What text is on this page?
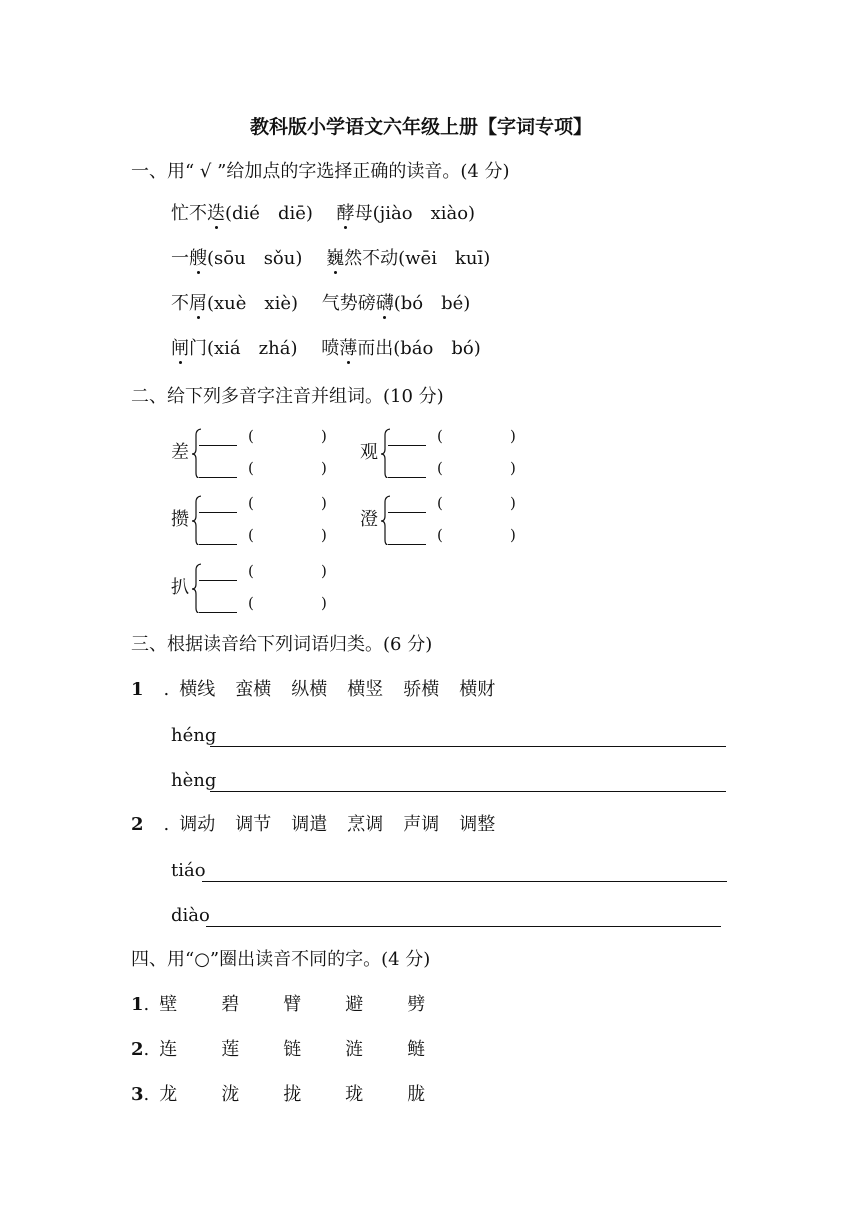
教科版小学语文六年级上册【字词专项】
一、用“ √ ”给加点的字选择正确的读音。(4 分)
忙不迭(dié　diē) 酵母(jiào　xiào)
一艘(sōu　sǒu) 巍然不动(wēi　kuī)
不屑(xuè　xiè) 气势磅礴(bó　bé)
闸门(xiá　zhá) 喷薄而出(báo　bó)
二、给下列多音字注音并组词。(10 分)
差
(	)
(	)
观
(	)
(	)
攒
(	)
(	)
澄
(	)
(	)
扒
(	)
(	)
三、根据读音给下列词语归类。(6 分)
1 . 横线 蛮横 纵横 横竖 骄横 横财
héng
hèng
2 . 调动 调节 调遣 烹调 声调 调整
tiáo
diào
四、用“○”圈出读音不同的字。(4 分)
1. 壁 碧 臂 避 劈
2. 连 莲 链 涟 鲢
3. 龙 泷 拢 珑 胧
